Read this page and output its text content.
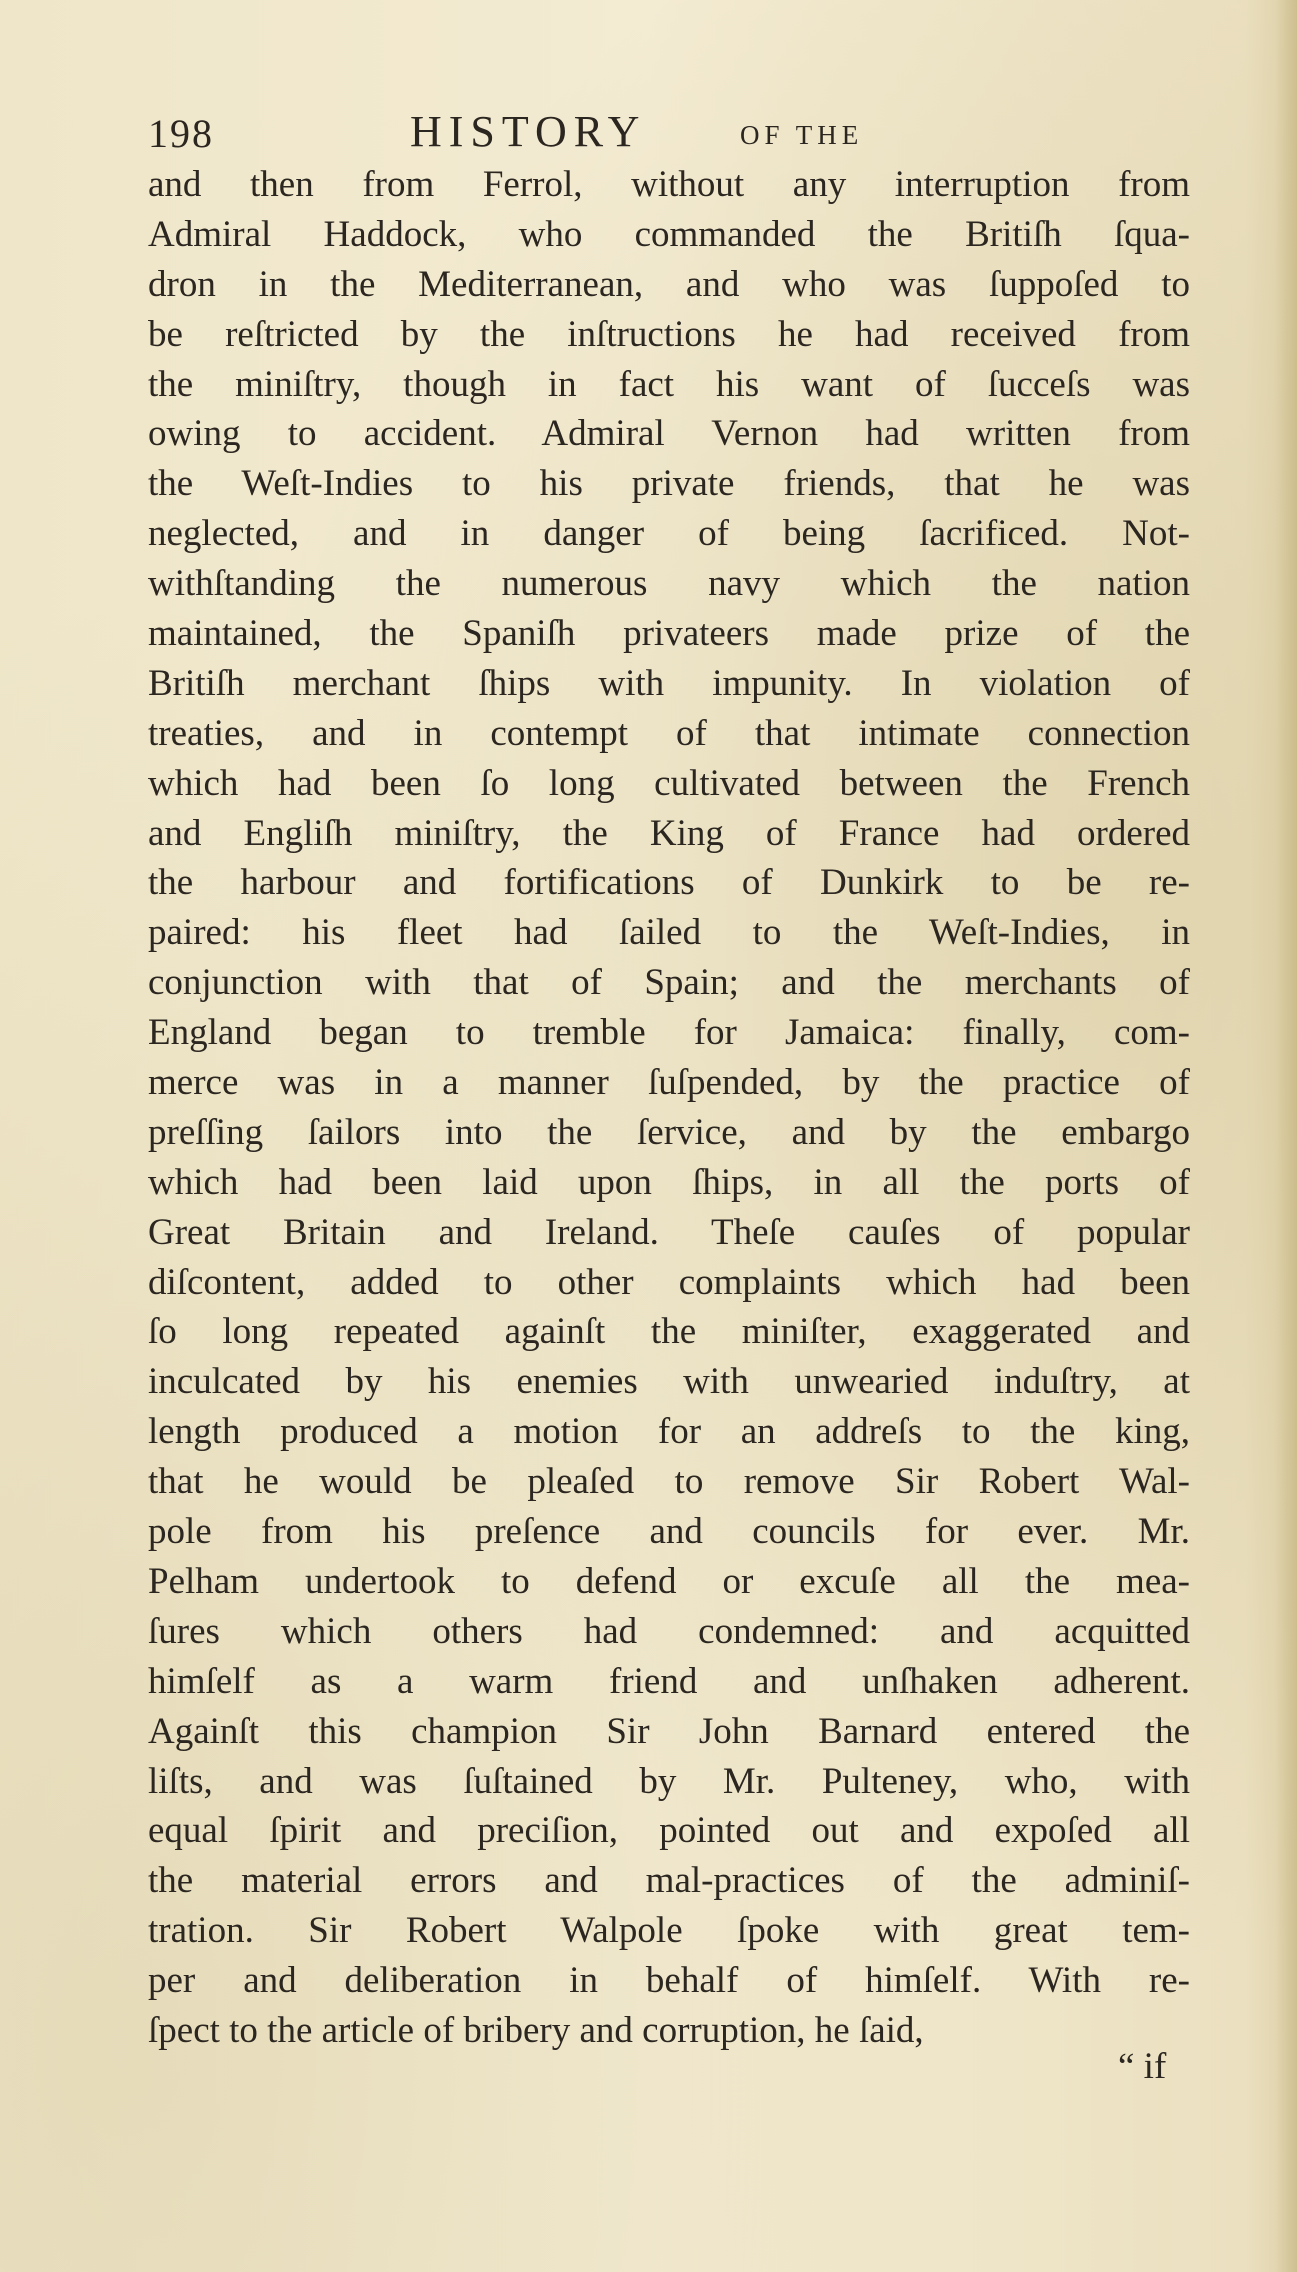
198	HISTORY	OF THE
and then from Ferrol, without any interruption from
Admiral Haddock, who commanded the Britiſh ſqua-
dron in the Mediterranean, and who was ſuppoſed to
be reſtricted by the inſtructions he had received from
the miniſtry, though in fact his want of ſucceſs was
owing to accident. Admiral Vernon had written from
the Weſt-Indies to his private friends, that he was
neglected, and in danger of being ſacrificed. Not-
withſtanding the numerous navy which the nation
maintained, the Spaniſh privateers made prize of the
Britiſh merchant ſhips with impunity. In violation of
treaties, and in contempt of that intimate connection
which had been ſo long cultivated between the French
and Engliſh miniſtry, the King of France had ordered
the harbour and fortifications of Dunkirk to be re-
paired: his fleet had ſailed to the Weſt-Indies, in
conjunction with that of Spain; and the merchants of
England began to tremble for Jamaica: finally, com-
merce was in a manner ſuſpended, by the practice of
preſſing ſailors into the ſervice, and by the embargo
which had been laid upon ſhips, in all the ports of
Great Britain and Ireland. Theſe cauſes of popular
diſcontent, added to other complaints which had been
ſo long repeated againſt the miniſter, exaggerated and
inculcated by his enemies with unwearied induſtry, at
length produced a motion for an addreſs to the king,
that he would be pleaſed to remove Sir Robert Wal-
pole from his preſence and councils for ever. Mr.
Pelham undertook to defend or excuſe all the mea-
ſures which others had condemned: and acquitted
himſelf as a warm friend and unſhaken adherent.
Againſt this champion Sir John Barnard entered the
liſts, and was ſuſtained by Mr. Pulteney, who, with
equal ſpirit and preciſion, pointed out and expoſed all
the material errors and mal-practices of the adminiſ-
tration. Sir Robert Walpole ſpoke with great tem-
per and deliberation in behalf of himſelf. With re-
ſpect to the article of bribery and corruption, he ſaid,
“ if
